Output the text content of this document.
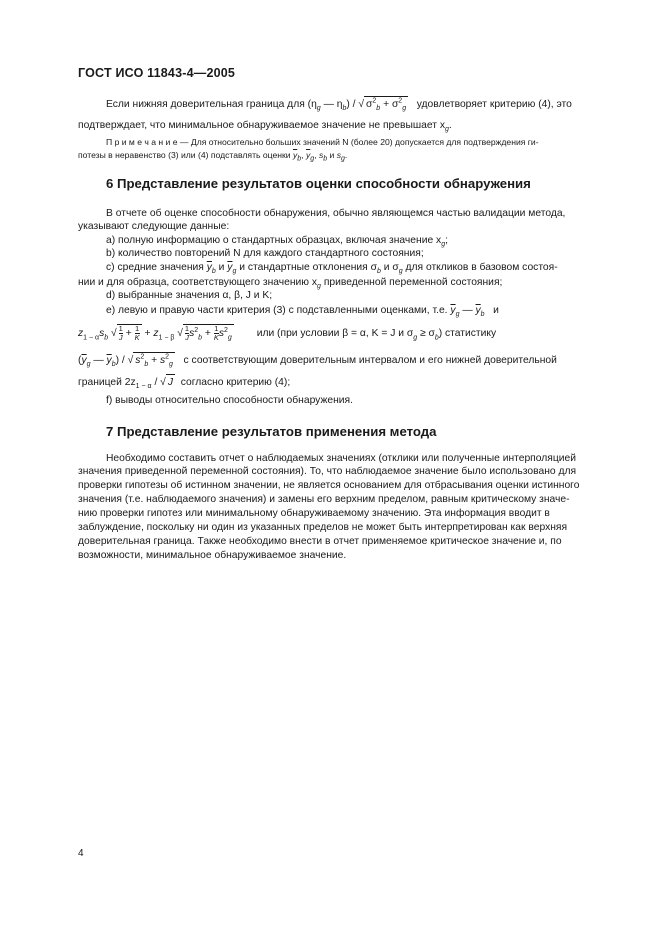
ГОСТ ИСО 11843-4—2005
Если нижняя доверительная граница для ($\eta_g$ — $\eta_b$) / √ $\sigma^2_b + \sigma^2_g$ удовлетворяет критерию (4), это
подтверждает, что минимальное обнаруживаемое значение не превышает $x_g$.
П р и м е ч а н и е — Для относительно больших значений N (более 20) допускается для подтверждения ги-
потезы в неравенство (3) или (4) подставлять оценки $\overline{y}_b$, $\overline{y}_g$, $s_b$ и $s_g$.
6 Представление результатов оценки способности обнаружения
В отчете об оценке способности обнаружения, обычно являющемся частью валидации метода,
указывают следующие данные:
a) полную информацию о стандартных образцах, включая значение $x_g$;
b) количество повторений N для каждого стандартного состояния;
c) средние значения $\overline{y}_b$ и $\overline{y}_g$ и стандартные отклонения $\sigma_b$ и $\sigma_g$ для откликов в базовом состоя-
нии и для образца, соответствующего значению $x_g$ приведенной переменной состояния;
d) выбранные значения α, β, J и K;
e) левую и правую части критерия (3) с подставленными оценками, т.е. $\overline{y}_g$ — $\overline{y}_b$   и
$z_{1 - \alpha}s_b$ √ $\frac{1}{J} + \frac{1}{K} + z_{1 - \beta}$ √ $\frac{1}{J} s^2_b + \frac{1}{K} s^2_g$ или (при условии β = α, K = J и $\sigma_g \ge \sigma_b$) статистику
($\overline{y}_g$ — $\overline{y}_b$) / √ $s^2_b + s^2_g$ с соответствующим доверительным интервалом и его нижней доверительной
границей $2z_{1 - \alpha}$ / √ J согласно критерию (4);
f) выводы относительно способности обнаружения.
7 Представление результатов применения метода
Необходимо составить отчет о наблюдаемых значениях (отклики или полученные интерполяцией
значения приведенной переменной состояния). То, что наблюдаемое значение было использовано для
проверки гипотезы об истинном значении, не является основанием для отбрасывания оценки истинного
значения (т.е. наблюдаемого значения) и замены его верхним пределом, равным критическому значе-
нию проверки гипотез или минимальному обнаруживаемому значению. Эта информация вводит в
заблуждение, поскольку ни один из указанных пределов не может быть интерпретирован как верхняя
доверительная граница. Также необходимо внести в отчет применяемое критическое значение и, по
возможности, минимальное обнаруживаемое значение.
4
